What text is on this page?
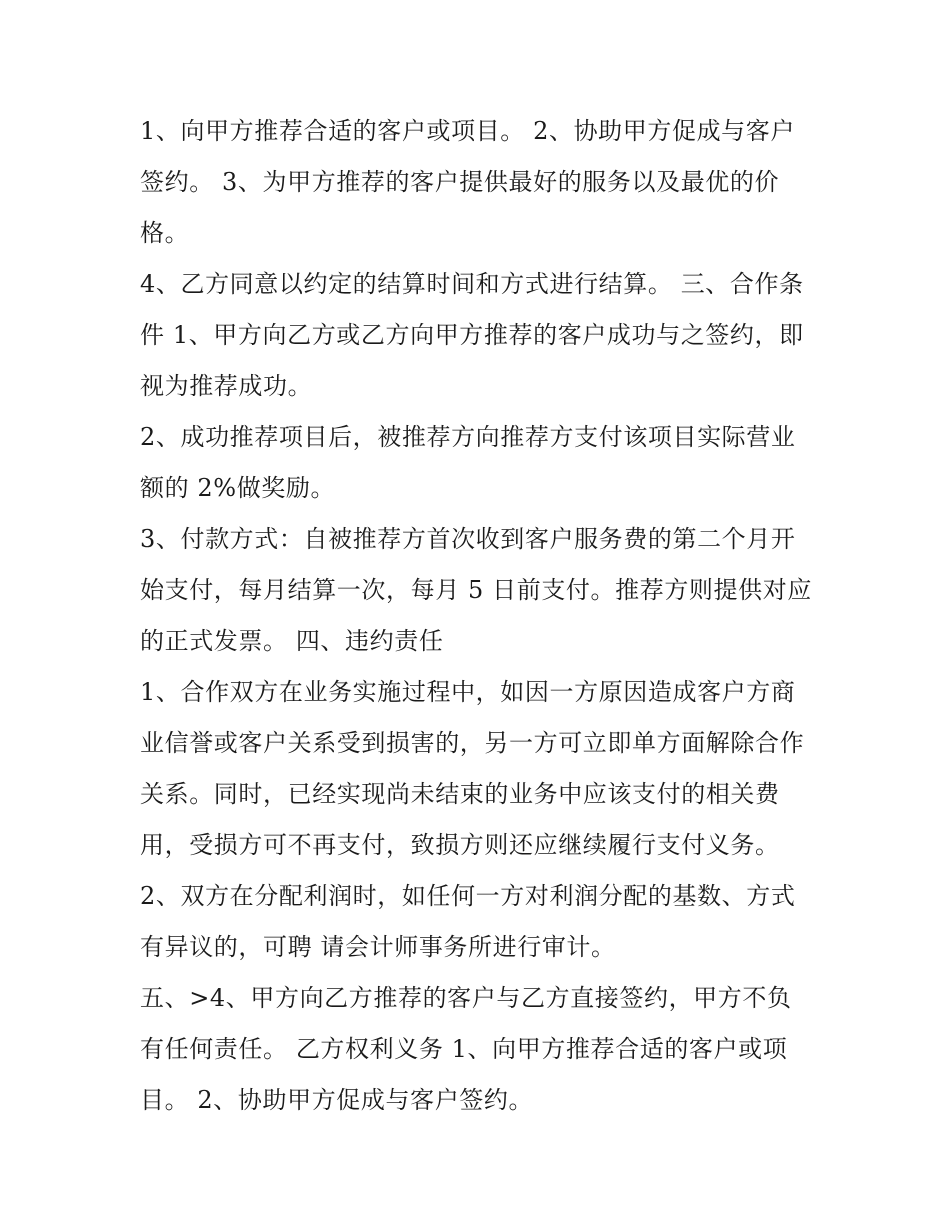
1、向甲方推荐合适的客户或项目。 2、协助甲方促成与客户
签约。 3、为甲方推荐的客户提供最好的服务以及最优的价
格。

4、乙方同意以约定的结算时间和方式进行结算。 三、合作条
件 1、甲方向乙方或乙方向甲方推荐的客户成功与之签约，即
视为推荐成功。

2、成功推荐项目后，被推荐方向推荐方支付该项目实际营业
额的 2%做奖励。

3、付款方式：自被推荐方首次收到客户服务费的第二个月开
始支付，每月结算一次，每月 5 日前支付。推荐方则提供对应
的正式发票。 四、违约责任

1、合作双方在业务实施过程中，如因一方原因造成客户方商
业信誉或客户关系受到损害的，另一方可立即单方面解除合作
关系。同时，已经实现尚未结束的业务中应该支付的相关费
用，受损方可不再支付，致损方则还应继续履行支付义务。

2、双方在分配利润时，如任何一方对利润分配的基数、方式
有异议的，可聘 请会计师事务所进行审计。

五、>4、甲方向乙方推荐的客户与乙方直接签约，甲方不负
有任何责任。 乙方权利义务 1、向甲方推荐合适的客户或项
目。 2、协助甲方促成与客户签约。
